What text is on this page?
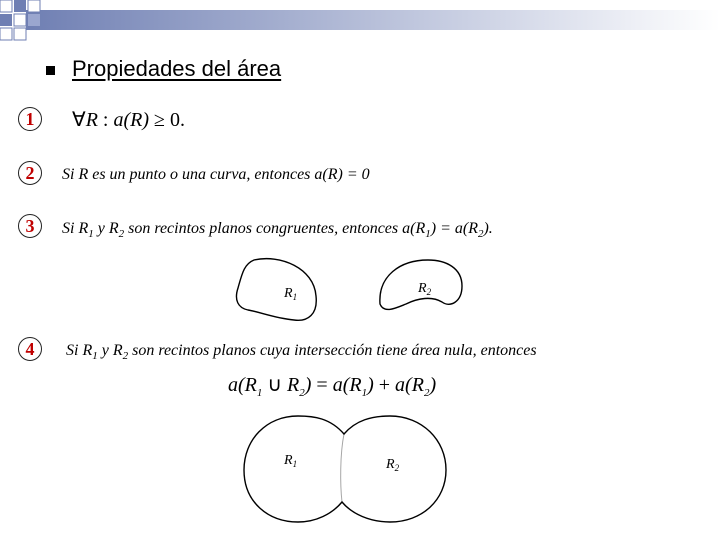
Propiedades del área
1	∀R : a(R) ≥ 0.
2	Si R es un punto o una curva, entonces a(R) = 0
3	Si $R_1$ y $R_2$ son recintos planos congruentes, entonces $a(R_1) = a(R_2)$.
$R_1$
$R_2$
4	Si $R_1$ y $R_2$ son recintos planos cuya intersección tiene área nula, entonces
$a(R_1$ ∪ $R_2) = a(R_1) + a(R_2)$
$R_1$	$R_2$
